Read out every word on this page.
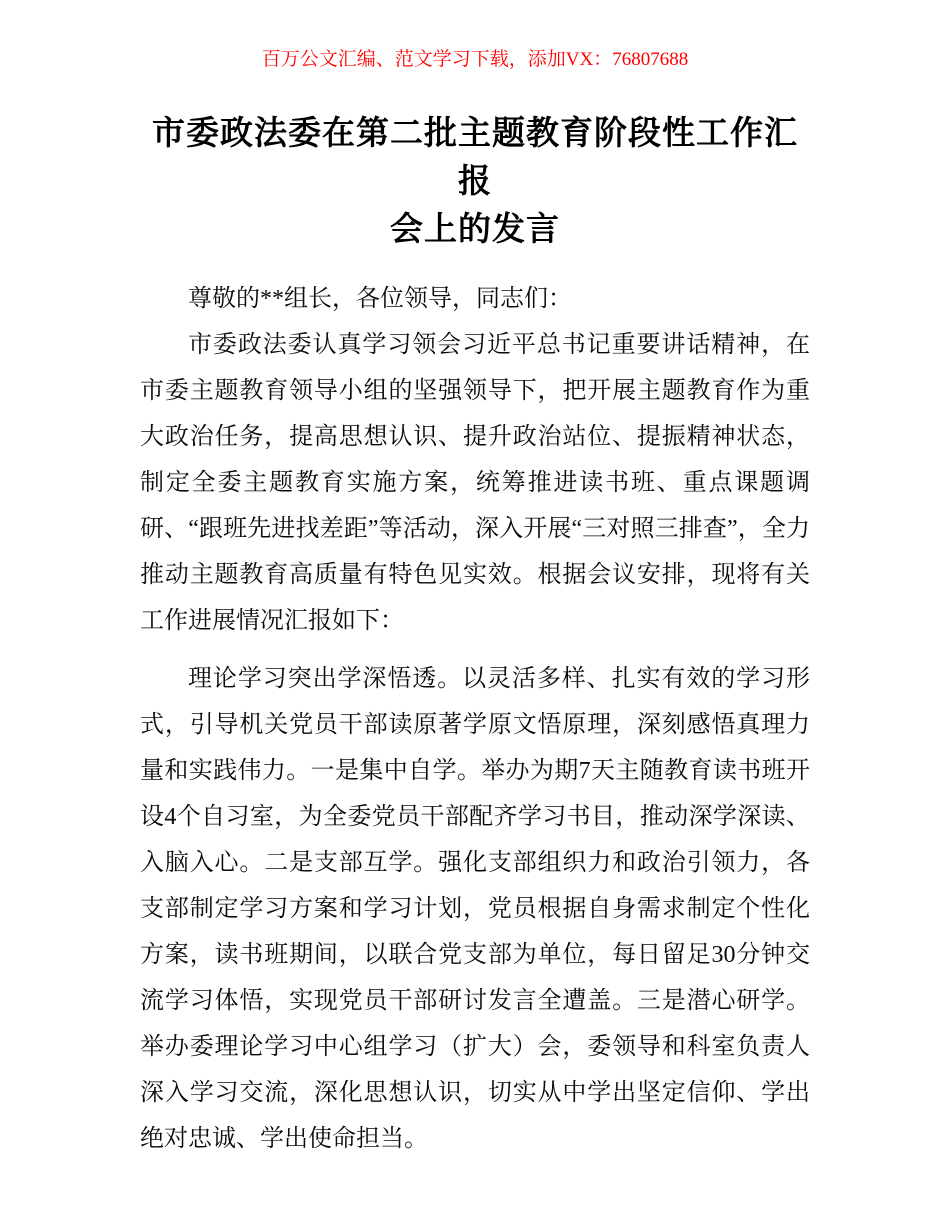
百万公文汇编、范文学习下载，添加VX：76807688
市委政法委在第二批主题教育阶段性工作汇报
会上的发言

尊敬的**组长，各位领导，同志们：

市委政法委认真学习领会习近平总书记重要讲话精神，在市委主题教育领导小组的坚强领导下，把开展主题教育作为重大政治任务，提高思想认识、提升政治站位、提振精神状态，制定全委主题教育实施方案，统筹推进读书班、重点课题调研、“跟班先进找差距”等活动，深入开展“三对照三排查”，全力推动主题教育高质量有特色见实效。根据会议安排，现将有关工作进展情况汇报如下：

理论学习突出学深悟透。以灵活多样、扎实有效的学习形式，引导机关党员干部读原著学原文悟原理，深刻感悟真理力量和实践伟力。一是集中自学。举办为期7天主随教育读书班开设4个自习室，为全委党员干部配齐学习书目，推动深学深读、入脑入心。二是支部互学。强化支部组织力和政治引领力，各支部制定学习方案和学习计划，党员根据自身需求制定个性化方案，读书班期间，以联合党支部为单位，每日留足30分钟交流学习体悟，实现党员干部研讨发言全遭盖。三是潜心研学。举办委理论学习中心组学习（扩大）会，委领导和科室负责人深入学习交流，深化思想认识，切实从中学出坚定信仰、学出绝对忠诚、学出使命担当。
